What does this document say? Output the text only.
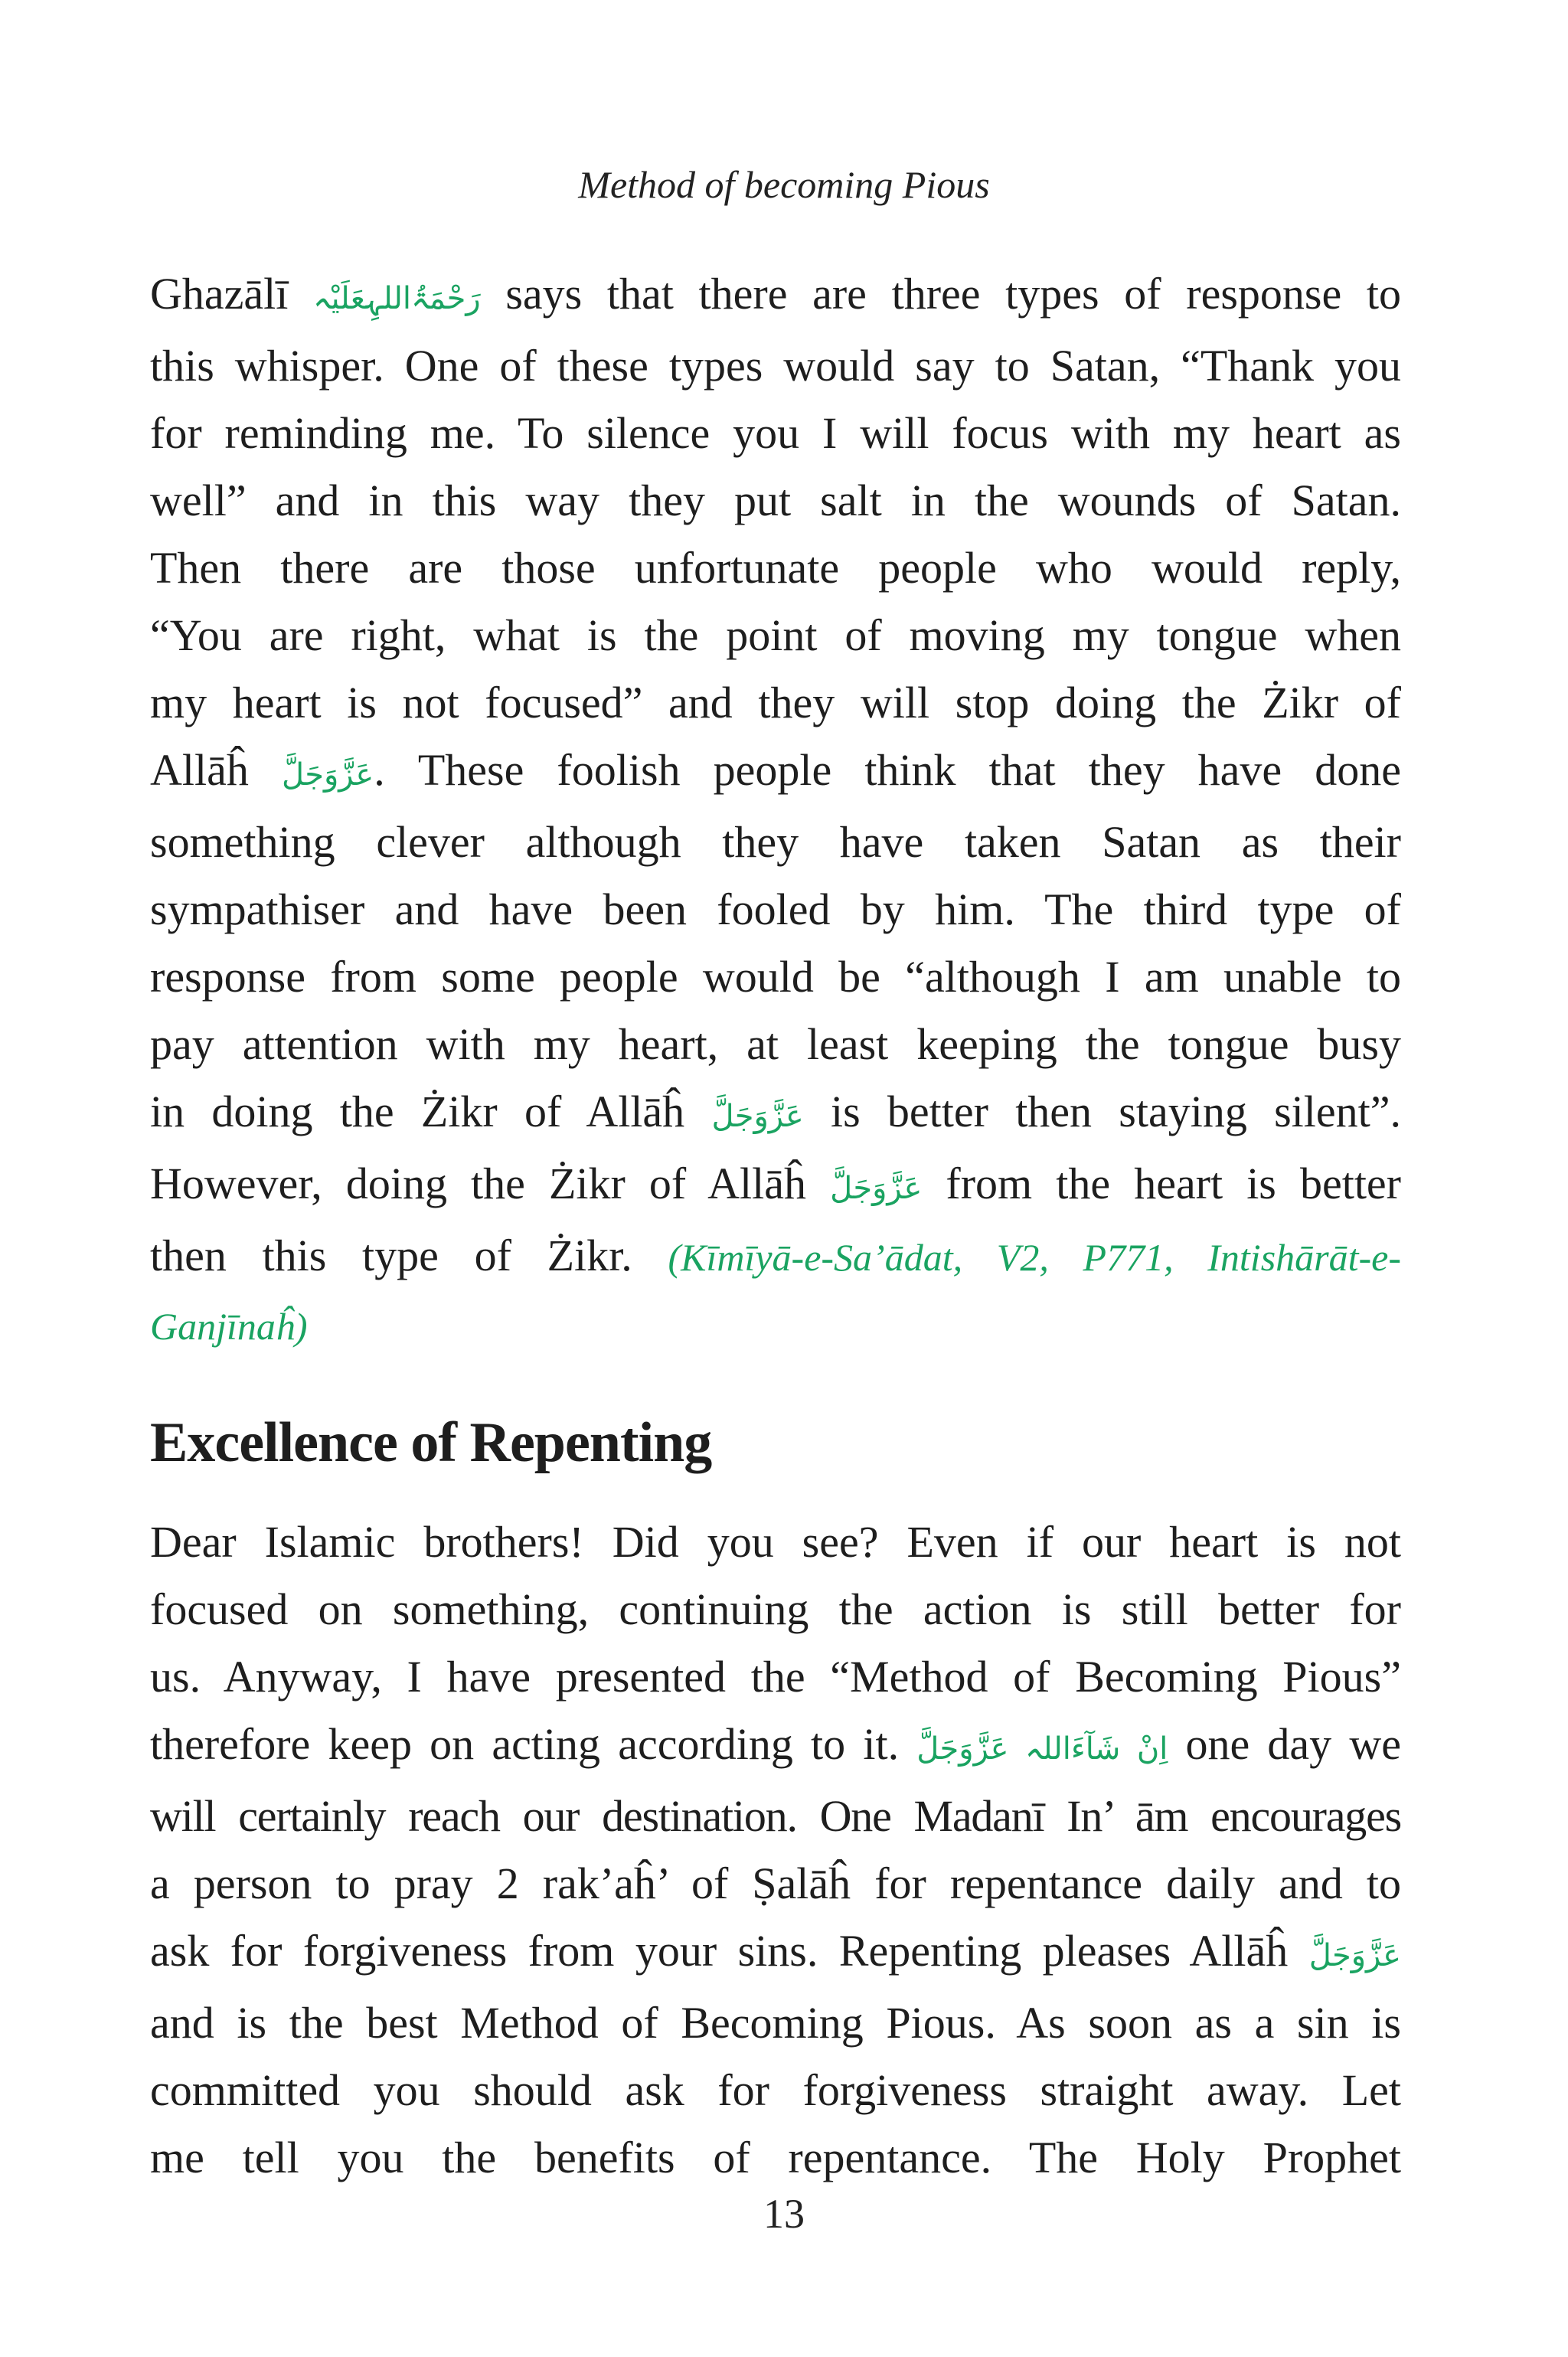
Method of becoming Pious

Ghazālī رَحْمَۃُاللہِعَلَیْہ says that there are three types of response to
this whisper. One of these types would say to Satan, “Thank you
for reminding me. To silence you I will focus with my heart as
well” and in this way they put salt in the wounds of Satan.
Then there are those unfortunate people who would reply,
“You are right, what is the point of moving my tongue when
my heart is not focused” and they will stop doing the Żikr of
Allāĥ عَزَّوَجَلَّ. These foolish people think that they have done
something clever although they have taken Satan as their
sympathiser and have been fooled by him. The third type of
response from some people would be “although I am unable to
pay attention with my heart, at least keeping the tongue busy
in doing the Żikr of Allāĥ عَزَّوَجَلَّ is better then staying silent”.
However, doing the Żikr of Allāĥ عَزَّوَجَلَّ from the heart is better
then this type of Żikr. (Kīmīyā-e-Sa’ādat, V2, P771, Intishārāt-e-
Ganjīnaĥ)

Excellence of Repenting

Dear Islamic brothers! Did you see? Even if our heart is not
focused on something, continuing the action is still better for
us. Anyway, I have presented the “Method of Becoming Pious”
therefore keep on acting according to it. اِنْ شَآءَاللہ عَزَّوَجَلَّ one day we
will certainly reach our destination. One Madanī In’ ām encourages
a person to pray 2 rak’aĥ’ of Ṣalāĥ for repentance daily and to
ask for forgiveness from your sins. Repenting pleases Allāĥ عَزَّوَجَلَّ
and is the best Method of Becoming Pious. As soon as a sin is
committed you should ask for forgiveness straight away. Let
me tell you the benefits of repentance. The Holy Prophet

13
